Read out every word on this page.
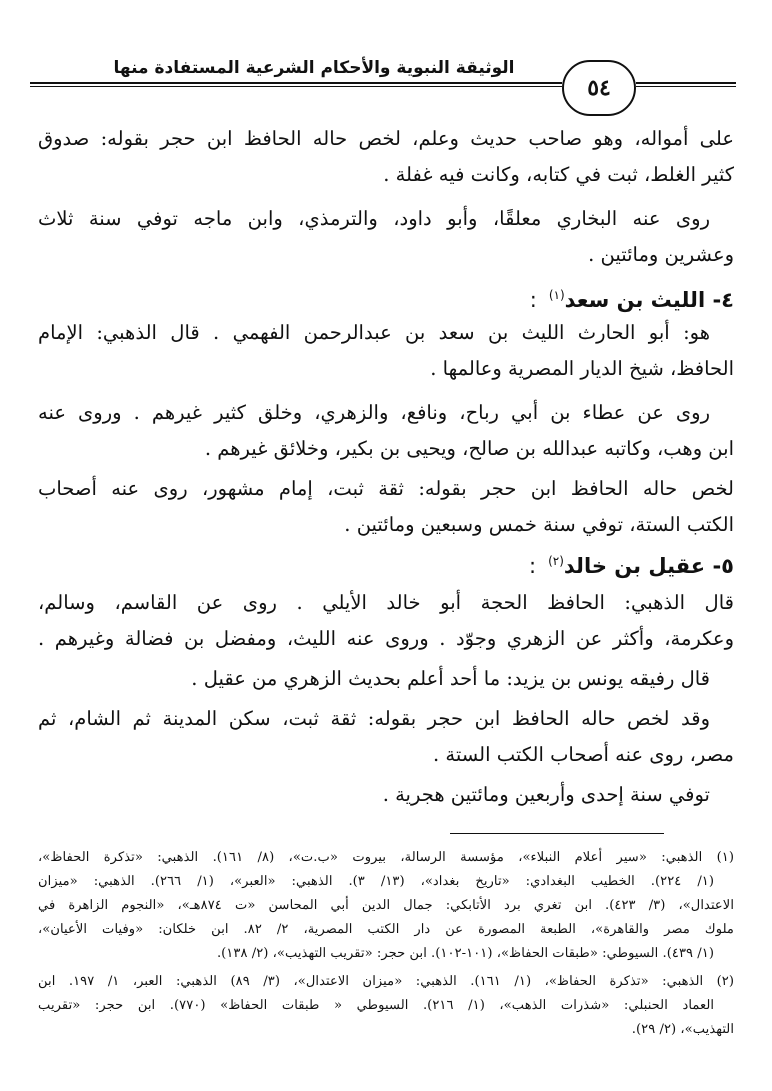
الوثيقة النبوية والأحكام الشرعية المستفادة منها
٥٤
على أمواله، وهو صاحب حديث وعلم، لخص حاله الحافظ ابن حجر بقوله: صدوق
كثير الغلط، ثبت في كتابه، وكانت فيه غفلة .
روى عنه البخاري معلقًا، وأبو داود، والترمذي، وابن ماجه توفي سنة ثلاث
وعشرين ومائتين .
٤- الليث بن سعد$^{(١)}$:
هو: أبو الحارث الليث بن سعد بن عبدالرحمن الفهمي . قال الذهبي: الإمام
الحافظ، شيخ الديار المصرية وعالمها .
روى عن عطاء بن أبي رباح، ونافع، والزهري، وخلق كثير غيرهم . وروى عنه
ابن وهب، وكاتبه عبدالله بن صالح، ويحيى بن بكير، وخلائق غيرهم .
لخص حاله الحافظ ابن حجر بقوله: ثقة ثبت، إمام مشهور، روى عنه أصحاب
الكتب الستة، توفي سنة خمس وسبعين ومائتين .
٥- عقيل بن خالد$^{(٢)}$:
قال الذهبي: الحافظ الحجة أبو خالد الأيلي . روى عن القاسم، وسالم،
وعكرمة، وأكثر عن الزهري وجوّد . وروى عنه الليث، ومفضل بن فضالة وغيرهم .
قال رفيقه يونس بن يزيد: ما أحد أعلم بحديث الزهري من عقيل .
وقد لخص حاله الحافظ ابن حجر بقوله: ثقة ثبت، سكن المدينة ثم الشام، ثم
مصر، روى عنه أصحاب الكتب الستة .
توفي سنة إحدى وأربعين ومائتين هجرية .
(١) الذهبي: «سير أعلام النبلاء»، مؤسسة الرسالة، بيروت «ب.ت»، (٨/ ١٦١). الذهبي: «تذكرة الحفاظ»،
(١/ ٢٢٤). الخطيب البغدادي: «تاريخ بغداد»، (١٣/ ٣). الذهبي: «العبر»، (١/ ٢٦٦). الذهبي: «ميزان
الاعتدال»، (٣/ ٤٢٣). ابن تغري برد الأتابكي: جمال الدين أبي المحاسن «ت ٨٧٤هـ»، «النجوم الزاهرة في
ملوك مصر والقاهرة»، الطبعة المصورة عن دار الكتب المصرية، ٢/ ٨٢. ابن خلكان: «وفيات الأعيان»،
(١/ ٤٣٩). السيوطي: «طبقات الحفاظ»، (١٠١-١٠٢). ابن حجر: «تقريب التهذيب»، (٢/ ١٣٨).
(٢) الذهبي: «تذكرة الحفاظ»، (١/ ١٦١). الذهبي: «ميزان الاعتدال»، (٣/ ٨٩) الذهبي: العبر، ١/ ١٩٧. ابن
العماد الحنبلي: «شذرات الذهب»، (١/ ٢١٦). السيوطي « طبقات الحفاظ» (٧٧٠). ابن حجر: «تقريب
التهذيب»، (٢/ ٢٩).
